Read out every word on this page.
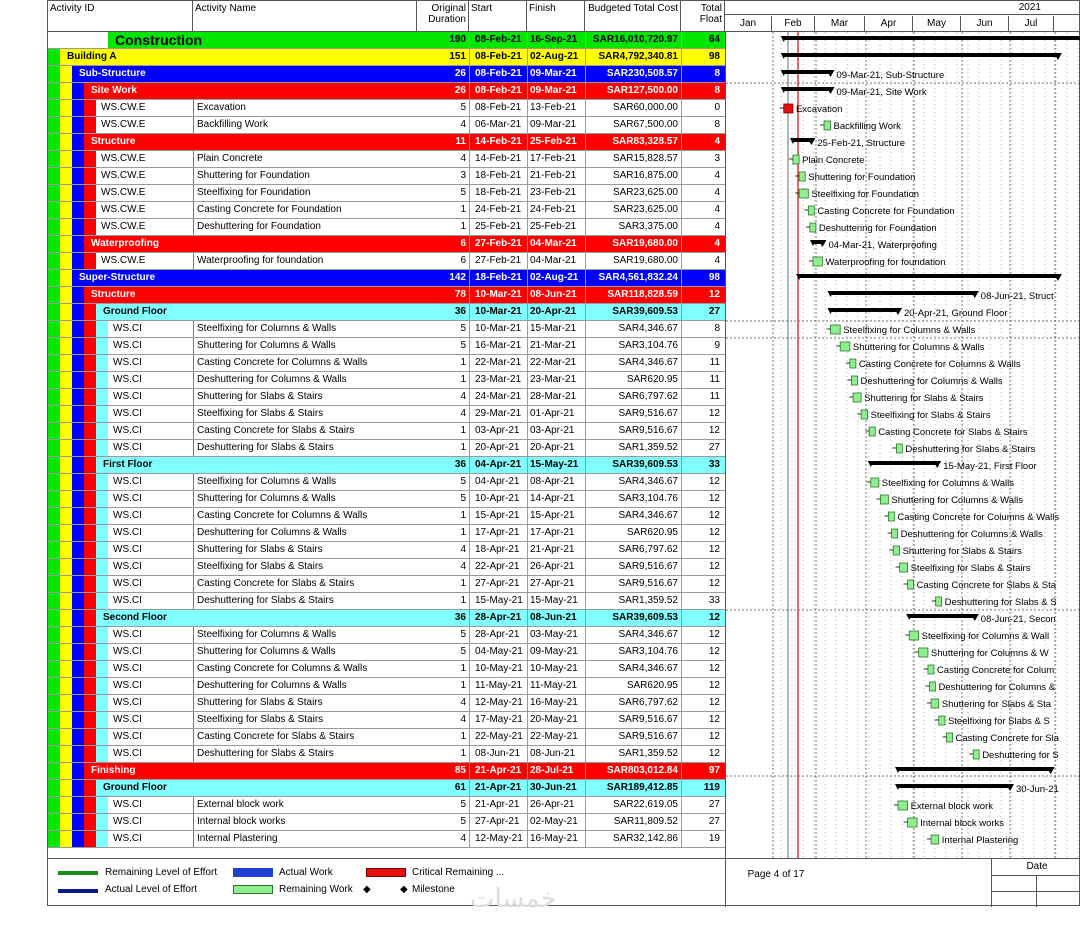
Activity ID	Activity Name	Original Duration
Start	Finish	Budgeted Total Cost	Total Float
2021
Jan	Feb	Mar	Apr	May	Jun	Jul
Construction	190 08-Feb-21 16-Sep-21	SAR16,010,720.97	64
Building A	151 08-Feb-21 02-Aug-21	SAR4,792,340.81	98
Sub-Structure	26 08-Feb-21 09-Mar-21	SAR230,508.57	8
Site Work	26 08-Feb-21 09-Mar-21	SAR127,500.00	8
WS.CW.E	Excavation	5 08-Feb-21 13-Feb-21	SAR60,000.00	0
WS.CW.E	Backfilling Work	4 06-Mar-21 09-Mar-21	SAR67,500.00	8
Structure	11 14-Feb-21 25-Feb-21	SAR83,328.57	4
WS.CW.E	Plain Concrete	4 14-Feb-21 17-Feb-21	SAR15,828.57	3
WS.CW.E	Shuttering for Foundation	3 18-Feb-21 21-Feb-21	SAR16,875.00	4
WS.CW.E	Steelfixing for Foundation	5 18-Feb-21 23-Feb-21	SAR23,625.00	4
WS.CW.E	Casting Concrete for Foundation	1 24-Feb-21 24-Feb-21	SAR23,625.00	4
WS.CW.E	Deshuttering for Foundation	1 25-Feb-21 25-Feb-21	SAR3,375.00	4
Waterproofing	6 27-Feb-21 04-Mar-21	SAR19,680.00	4
WS.CW.E	Waterproofing for foundation	6 27-Feb-21 04-Mar-21	SAR19,680.00	4
Super-Structure	142 18-Feb-21 02-Aug-21	SAR4,561,832.24	98
Structure	78 10-Mar-21 08-Jun-21	SAR118,828.59	12
Ground Floor	36 10-Mar-21 20-Apr-21	SAR39,609.53	27
WS.CI	Steelfixing for Columns & Walls	5 10-Mar-21 15-Mar-21	SAR4,346.67	8
WS.CI	Shuttering for Columns & Walls	5 16-Mar-21 21-Mar-21	SAR3,104.76	9
WS.CI	Casting Concrete for Columns & Walls	1 22-Mar-21 22-Mar-21	SAR4,346.67	11
WS.CI	Deshuttering for Columns & Walls	1 23-Mar-21 23-Mar-21	SAR620.95	11
WS.CI	Shuttering for Slabs & Stairs	4 24-Mar-21 28-Mar-21	SAR6,797.62	11
WS.CI	Steelfixing for Slabs & Stairs	4 29-Mar-21 01-Apr-21	SAR9,516.67	12
WS.CI	Casting Concrete for Slabs & Stairs	1 03-Apr-21	03-Apr-21	SAR9,516.67	12
WS.CI	Deshuttering for Slabs & Stairs	1 20-Apr-21	20-Apr-21	SAR1,359.52	27
First Floor	36 04-Apr-21 15-May-21	SAR39,609.53	33
WS.CI	Steelfixing for Columns & Walls	5 04-Apr-21	08-Apr-21	SAR4,346.67	12
WS.CI	Shuttering for Columns & Walls	5 10-Apr-21	14-Apr-21	SAR3,104.76	12
WS.CI	Casting Concrete for Columns & Walls	1 15-Apr-21	15-Apr-21	SAR4,346.67	12
WS.CI	Deshuttering for Columns & Walls	1 17-Apr-21	17-Apr-21	SAR620.95	12
WS.CI	Shuttering for Slabs & Stairs	4 18-Apr-21	21-Apr-21	SAR6,797.62	12
WS.CI	Steelfixing for Slabs & Stairs	4 22-Apr-21	26-Apr-21	SAR9,516.67	12
WS.CI	Casting Concrete for Slabs & Stairs	1 27-Apr-21	27-Apr-21	SAR9,516.67	12
WS.CI	Deshuttering for Slabs & Stairs	1 15-May-21 15-May-21	SAR1,359.52	33
Second Floor	36 28-Apr-21 08-Jun-21	SAR39,609.53	12
WS.CI	Steelfixing for Columns & Walls	5 28-Apr-21	03-May-21	SAR4,346.67	12
WS.CI	Shuttering for Columns & Walls	5 04-May-21 09-May-21	SAR3,104.76	12
WS.CI	Casting Concrete for Columns & Walls	1 10-May-21 10-May-21	SAR4,346.67	12
WS.CI	Deshuttering for Columns & Walls	1 11-May-21 11-May-21	SAR620.95	12
WS.CI	Shuttering for Slabs & Stairs	4 12-May-21 16-May-21	SAR6,797.62	12
WS.CI	Steelfixing for Slabs & Stairs	4 17-May-21 20-May-21	SAR9,516.67	12
WS.CI	Casting Concrete for Slabs & Stairs	1 22-May-21 22-May-21	SAR9,516.67	12
WS.CI	Deshuttering for Slabs & Stairs	1 08-Jun-21 08-Jun-21	SAR1,359.52	12
Finishing	85 21-Apr-21 28-Jul-21	SAR803,012.84	97
Ground Floor	61 21-Apr-21 30-Jun-21	SAR189,412.85	119
WS.CI	External block work	5 21-Apr-21	26-Apr-21	SAR22,619.05	27
WS.CI	Internal block works	5 27-Apr-21	02-May-21	SAR11,809.52	27
WS.CI	Internal Plastering	4 12-May-21 16-May-21	SAR32,142.86	19
09-Mar-21, Sub-Structure
09-Mar-21, Site Work
Excavation
Backfilling Work
25-Feb-21, Structure
Plain Concrete
Shuttering for Foundation
Steelfixing for Foundation
Casting Concrete for Foundation
Deshuttering for Foundation
04-Mar-21, Waterproofing
Waterproofing for foundation
08-Jun-21, Struct
20-Apr-21, Ground Floor
Steelfixing for Columns & Walls
Shuttering for Columns & Walls
Casting Concrete for Columns & Walls
Deshuttering for Columns & Walls
Shuttering for Slabs & Stairs
Steelfixing for Slabs & Stairs
Casting Concrete for Slabs & Stairs
Deshuttering for Slabs & Stairs
15-May-21, First Floor
Steelfixing for Columns & Walls
Shuttering for Columns & Walls
Casting Concrete for Columns & Walls
Deshuttering for Columns & Walls
Shuttering for Slabs & Stairs
Steelfixing for Slabs & Stairs
Casting Concrete for Slabs & Sta
Deshuttering for Slabs & S
08-Jun-21, Secon
Steelfixing for Columns & Wall
Shuttering for Columns & W
Casting Concrete for Colum
Deshuttering for Columns &
Shuttering for Slabs & Sta
Steelfixing for Slabs & S
Casting Concrete for Sla
Deshuttering for S
30-Jun-21
External block work
Internal block works
Internal Plastering
Remaining Level of Effort
Actual Level of Effort
Actual Work
Remaining Work ◆
Critical Remaining ...
◆ Milestone
Page 4 of 17
Date
خمسات
